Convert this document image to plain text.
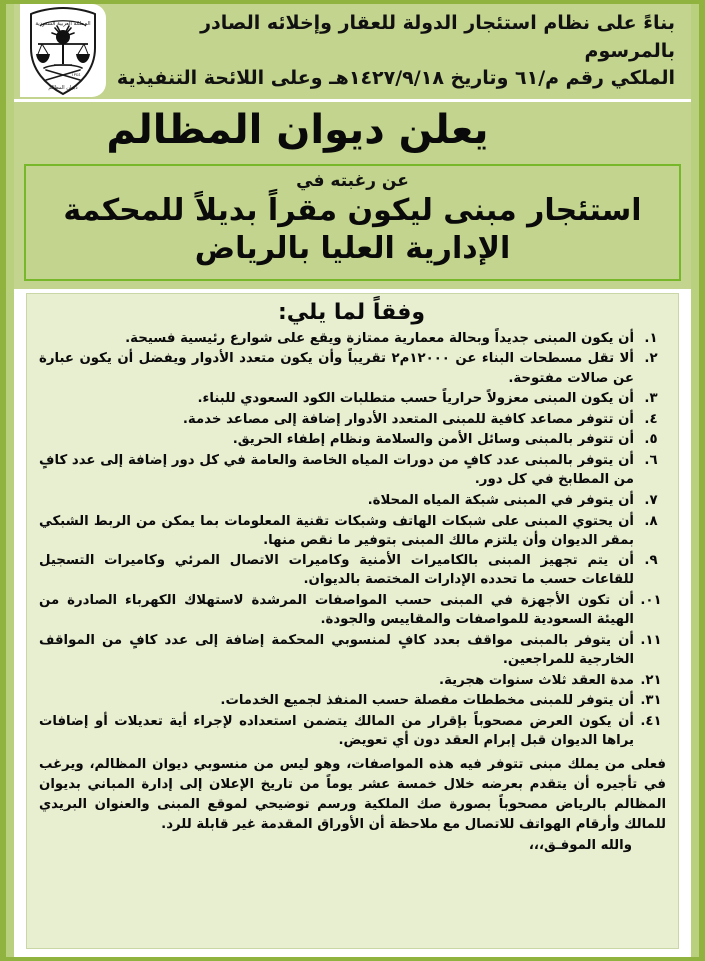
المملكة العربية السعودية
١٣٤٤
ديوان المظالم
بناءً على نظام استئجار الدولة للعقار وإخلائه الصادر بالمرسوم
الملكي رقم م/٦١ وتاريخ ١٤٢٧/٩/١٨هـ وعلى اللائحة التنفيذية
يعلن ديوان المظالم
عن رغبته في
استئجار مبنى ليكون مقراً بديلاً للمحكمة
الإدارية العليا بالرياض
وفقاً لما يلي:
١.
أن يكون المبنى جديداً وبحالة معمارية ممتازة ويقع على شوارع رئيسية فسيحة.
٢.
ألا تقل مسطحات البناء عن ١٢٠٠٠م٢ تقريباً وأن يكون متعدد الأدوار ويفضل أن يكون عبارة عن صالات مفتوحة.
٣.
أن يكون المبنى معزولاً حرارياً حسب متطلبات الكود السعودي للبناء.
٤.
أن تتوفر مصاعد كافية للمبنى المتعدد الأدوار إضافة إلى مصاعد خدمة.
٥.
أن تتوفر بالمبنى وسائل الأمن والسلامة ونظام إطفاء الحريق.
٦.
أن يتوفر بالمبنى عدد كافٍ من دورات المياه الخاصة والعامة في كل دور إضافة إلى عدد كافٍ من المطابخ في كل دور.
٧.
أن يتوفر في المبنى شبكة المياه المحلاة.
٨.
أن يحتوي المبنى على شبكات الهاتف وشبكات تقنية المعلومات بما يمكن من الربط الشبكي بمقر الديوان وأن يلتزم مالك المبنى بتوفير ما نقص منها.
٩.
أن يتم تجهيز المبنى بالكاميرات الأمنية وكاميرات الاتصال المرئي وكاميرات التسجيل للقاعات حسب ما تحدده الإدارات المختصة بالديوان.
١٠.
أن تكون الأجهزة في المبنى حسب المواصفات المرشدة لاستهلاك الكهرباء الصادرة من الهيئة السعودية للمواصفات والمقاييس والجودة.
١١.
أن يتوفر بالمبنى مواقف بعدد كافٍ لمنسوبي المحكمة إضافة إلى عدد كافٍ من المواقف الخارجية للمراجعين.
١٢.
مدة العقد ثلاث سنوات هجرية.
١٣.
أن يتوفر للمبنى مخططات مفصلة حسب المنفذ لجميع الخدمات.
١٤.
أن يكون العرض مصحوباً بإقرار من المالك يتضمن استعداده لإجراء أية تعديلات أو إضافات يراها الديوان قبل إبرام العقد دون أي تعويض.
فعلى من يملك مبنى تتوفر فيه هذه المواصفات، وهو ليس من منسوبي ديوان المظالم، ويرغب في تأجيره أن يتقدم بعرضه خلال خمسة عشر يوماً من تاريخ الإعلان إلى إدارة المباني بديوان المظالم بالرياض مصحوباً بصورة صك الملكية ورسم توضيحي لموقع المبنى والعنوان البريدي للمالك وأرقام الهواتف للاتصال مع ملاحظة أن الأوراق المقدمة غير قابلة للرد.
والله الموفـق،،،
